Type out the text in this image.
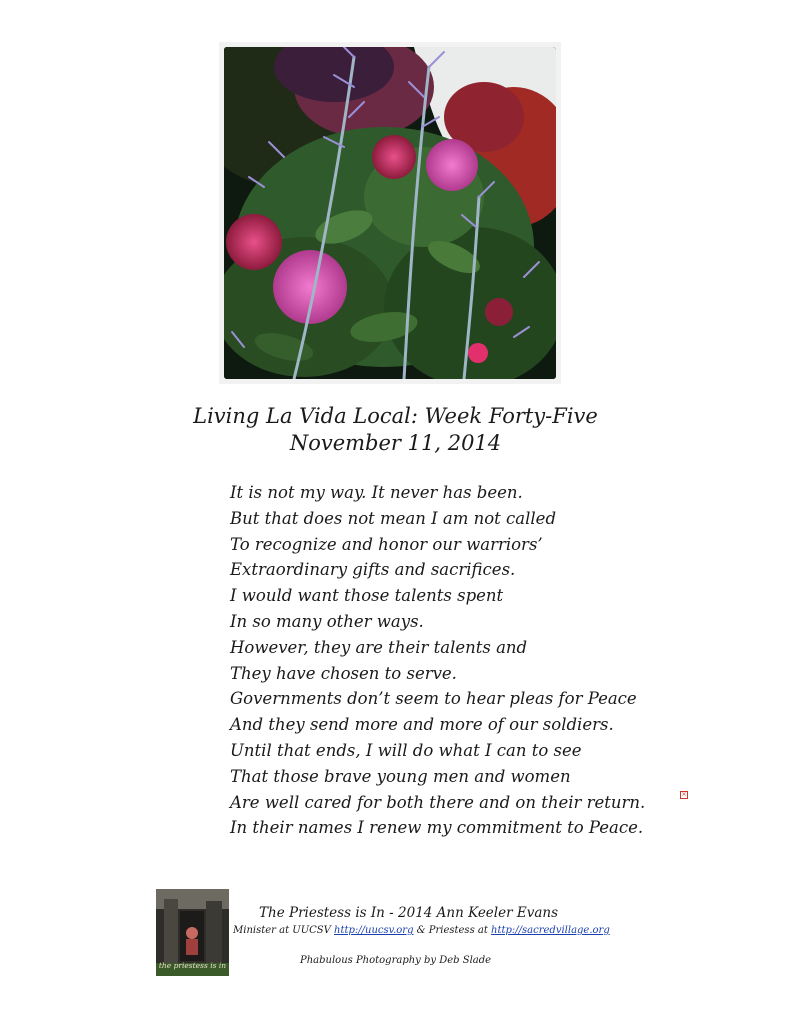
Living La Vida Local: Week Forty-Five
November 11, 2014
It is not my way. It never has been.
But that does not mean I am not called
To recognize and honor our warriors’
Extraordinary gifts and sacrifices.
I would want those talents spent
In so many other ways.
However, they are their talents and
They have chosen to serve.
Governments don’t seem to hear pleas for Peace
And they send more and more of our soldiers.
Until that ends, I will do what I can to see
That those brave young men and women
Are well cared for both there and on their return.
In their names I renew my commitment to Peace.
×
the priestess is in
The Priestess is In - 2014 Ann Keeler Evans
Minister at UUCSV http://uucsv.org & Priestess at http://sacredvillage.org
Phabulous Photography by Deb Slade
